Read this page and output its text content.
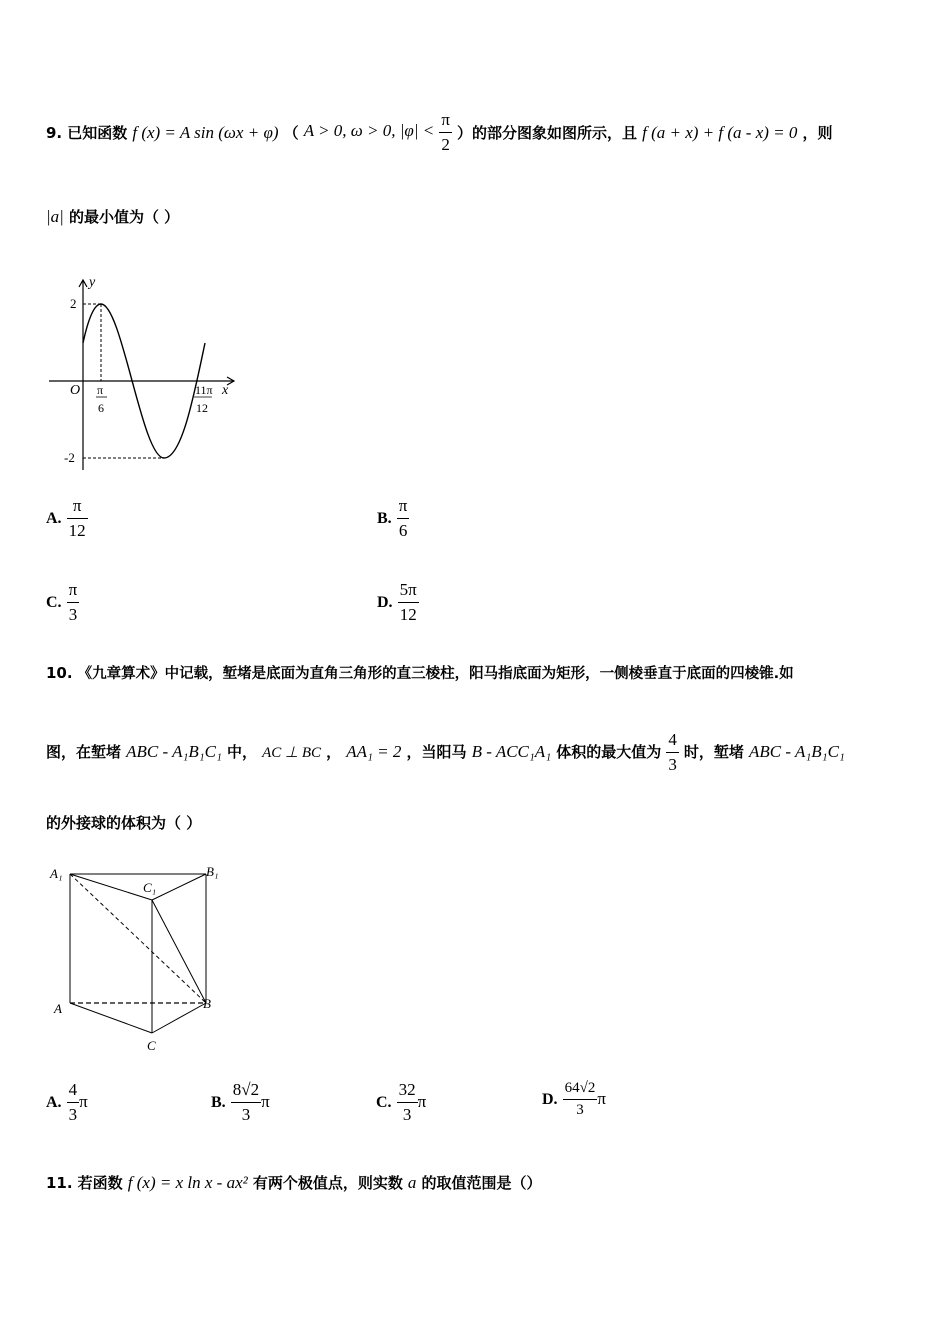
9. 已知函数 f (x) = A sin (ωx + φ) （ A > 0, ω > 0, $|\varphi| < \frac{\pi}{2}$ ）的部分图象如图所示，且 f (a + x) + f (a - x) = 0 ，则
|a| 的最小值为（ ）
y
x
O
2
-2
π
6
11π
12
A. $\frac{\pi}{12}$	B. $\frac{\pi}{6}$
C. $\frac{\pi}{3}$	D. $\frac{5\pi}{12}$
10. 《九章算术》中记载，堑堵是底面为直角三角形的直三棱柱，阳马指底面为矩形，一侧棱垂直于底面的四棱锥.如
图，在堑堵 ABC - A₁B₁C₁ 中， AC ⊥ BC ， AA₁ = 2 ，当阳马 B - ACC₁A₁ 体积的最大值为 $\frac{4}{3}$ 时，堑堵 ABC - A₁B₁C₁
的外接球的体积为（ ）
A₁	B₁
C₁
A	B
C
A. $\frac{4}{3}$ π	B. $\frac{8√2}{3}$ π	C. $\frac{32}{3}$ π	D. $\frac{64√2}{3}$ π
11. 若函数 f (x) = x ln x - ax² 有两个极值点，则实数 a 的取值范围是（）
